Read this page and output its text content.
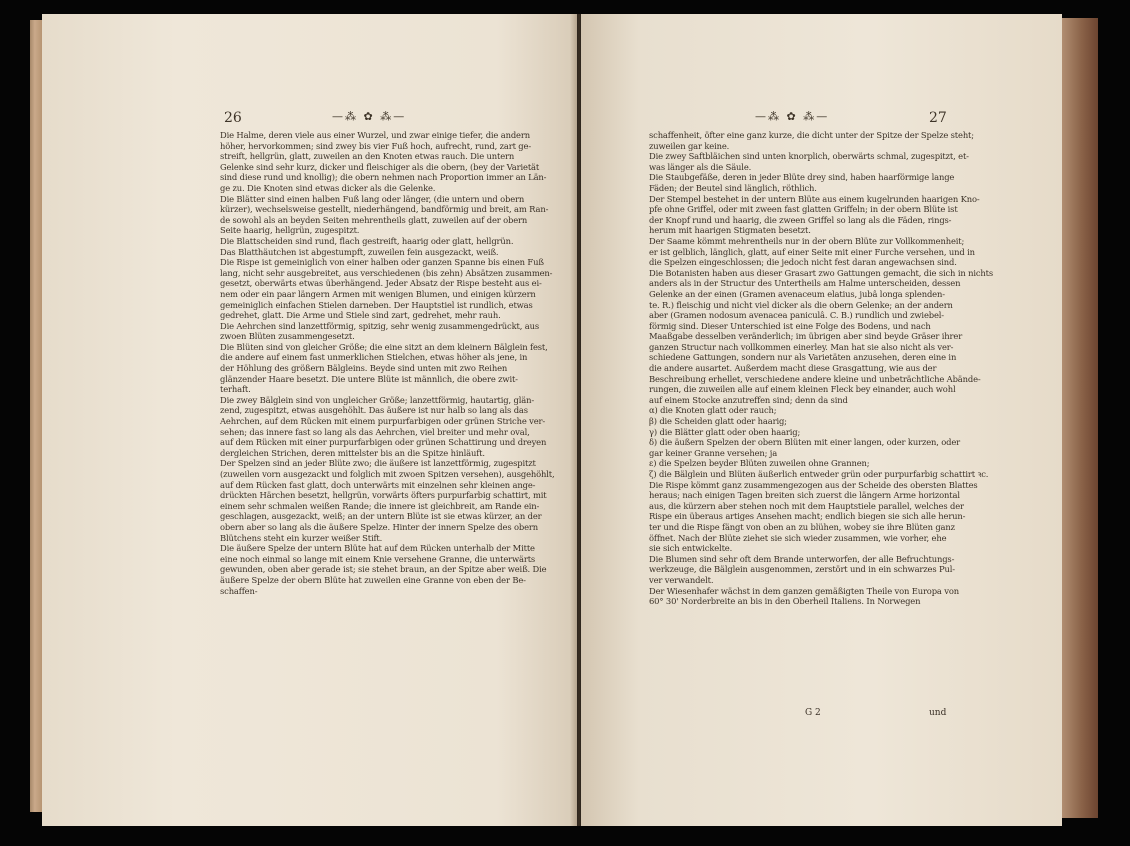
26	—⁂ ✿ ⁂—
Die Halme, deren viele aus einer Wurzel, und zwar einige tiefer, die andern
höher, hervorkommen; sind zwey bis vier Fuß hoch, aufrecht, rund, zart ge-
streift, hellgrün, glatt, zuweilen an den Knoten etwas rauch. Die untern
Gelenke sind sehr kurz, dicker und fleischiger als die obern, (bey der Varietät
sind diese rund und knollig); die obern nehmen nach Proportion immer an Län-
ge zu. Die Knoten sind etwas dicker als die Gelenke.
Die Blätter sind einen halben Fuß lang oder länger, (die untern und obern
kürzer), wechselsweise gestellt, niederhängend, bandförmig und breit, am Ran-
de sowohl als an beyden Seiten mehrentheils glatt, zuweilen auf der obern
Seite haarig, hellgrün, zugespitzt.
Die Blattscheiden sind rund, flach gestreift, haarig oder glatt, hellgrün.
Das Blatthäutchen ist abgestumpft, zuweilen fein ausgezackt, weiß.
Die Rispe ist gemeiniglich von einer halben oder ganzen Spanne bis einen Fuß
lang, nicht sehr ausgebreitet, aus verschiedenen (bis zehn) Absätzen zusammen-
gesetzt, oberwärts etwas überhängend. Jeder Absatz der Rispe besteht aus ei-
nem oder ein paar längern Armen mit wenigen Blumen, und einigen kürzern
gemeiniglich einfachen Stielen darneben. Der Hauptstiel ist rundlich, etwas
gedrehet, glatt. Die Arme und Stiele sind zart, gedrehet, mehr rauh.
Die Aehrchen sind lanzettförmig, spitzig, sehr wenig zusammengedrückt, aus
zwoen Blüten zusammengesetzt.
Die Blüten sind von gleicher Größe; die eine sitzt an dem kleinern Bälglein fest,
die andere auf einem fast unmerklichen Stielchen, etwas höher als jene, in
der Höhlung des größern Bälgleins. Beyde sind unten mit zwo Reihen
glänzender Haare besetzt. Die untere Blüte ist männlich, die obere zwit-
terhaft.
Die zwey Bälglein sind von ungleicher Größe; lanzettförmig, hautartig, glän-
zend, zugespitzt, etwas ausgehöhlt. Das äußere ist nur halb so lang als das
Aehrchen, auf dem Rücken mit einem purpurfarbigen oder grünen Striche ver-
sehen; das innere fast so lang als das Aehrchen, viel breiter und mehr oval,
auf dem Rücken mit einer purpurfarbigen oder grünen Schattirung und dreyen
dergleichen Strichen, deren mittelster bis an die Spitze hinläuft.
Der Spelzen sind an jeder Blüte zwo; die äußere ist lanzettförmig, zugespitzt
(zuweilen vorn ausgezackt und folglich mit zwoen Spitzen versehen), ausgehöhlt,
auf dem Rücken fast glatt, doch unterwärts mit einzelnen sehr kleinen ange-
drückten Härchen besetzt, hellgrün, vorwärts öfters purpurfarbig schattirt, mit
einem sehr schmalen weißen Rande; die innere ist gleichbreit, am Rande ein-
geschlagen, ausgezackt, weiß; an der untern Blüte ist sie etwas kürzer, an der
obern aber so lang als die äußere Spelze. Hinter der innern Spelze des obern
Blütchens steht ein kurzer weißer Stift.
Die äußere Spelze der untern Blüte hat auf dem Rücken unterhalb der Mitte
eine noch einmal so lange mit einem Knie versehene Granne, die unterwärts
gewunden, oben aber gerade ist; sie stehet braun, an der Spitze aber weiß. Die
äußere Spelze der obern Blüte hat zuweilen eine Granne von eben der Be-
schaffen-
—⁂ ✿ ⁂—	27
schaffenheit, öfter eine ganz kurze, die dicht unter der Spitze der Spelze steht;
zuweilen gar keine.
Die zwey Saftbläichen sind unten knorplich, oberwärts schmal, zugespitzt, et-
was länger als die Säule.
Die Staubgefäße, deren in jeder Blüte drey sind, haben haarförmige lange
Fäden; der Beutel sind länglich, röthlich.
Der Stempel bestehet in der untern Blüte aus einem kugelrunden haarigen Kno-
pfe ohne Griffel, oder mit zween fast glatten Griffeln; in der obern Blüte ist
der Knopf rund und haarig, die zween Griffel so lang als die Fäden, rings-
herum mit haarigen Stigmaten besetzt.
Der Saame kömmt mehrentheils nur in der obern Blüte zur Vollkommenheit;
er ist gelblich, länglich, glatt, auf einer Seite mit einer Furche versehen, und in
die Spelzen eingeschlossen; die jedoch nicht fest daran angewachsen sind.
Die Botanisten haben aus dieser Grasart zwo Gattungen gemacht, die sich in nichts
anders als in der Structur des Untertheils am Halme unterscheiden, dessen
Gelenke an der einen (Gramen avenaceum elatius, jubâ longa splenden-
te. R.) fleischig und nicht viel dicker als die obern Gelenke; an der andern
aber (Gramen nodosum avenacea paniculâ. C. B.) rundlich und zwiebel-
förmig sind. Dieser Unterschied ist eine Folge des Bodens, und nach
Maaßgabe desselben veränderlich; im übrigen aber sind beyde Gräser ihrer
ganzen Structur nach vollkommen einerley. Man hat sie also nicht als ver-
schiedene Gattungen, sondern nur als Varietäten anzusehen, deren eine in
die andere ausartet. Außerdem macht diese Grasgattung, wie aus der
Beschreibung erhellet, verschiedene andere kleine und unbeträchtliche Abände-
rungen, die zuweilen alle auf einem kleinen Fleck bey einander, auch wohl
auf einem Stocke anzutreffen sind; denn da sind
α) die Knoten glatt oder rauch;
β) die Scheiden glatt oder haarig;
γ) die Blätter glatt oder oben haarig;
δ) die äußern Spelzen der obern Blüten mit einer langen, oder kurzen, oder
gar keiner Granne versehen; ja
ε) die Spelzen beyder Blüten zuweilen ohne Grannen;
ζ) die Bälglein und Blüten äußerlich entweder grün oder purpurfarbig schattirt ꝛc.
Die Rispe kömmt ganz zusammengezogen aus der Scheide des obersten Blattes
heraus; nach einigen Tagen breiten sich zuerst die längern Arme horizontal
aus, die kürzern aber stehen noch mit dem Hauptstiele parallel, welches der
Rispe ein überaus artiges Ansehen macht; endlich biegen sie sich alle herun-
ter und die Rispe fängt von oben an zu blühen, wobey sie ihre Blüten ganz
öffnet. Nach der Blüte ziehet sie sich wieder zusammen, wie vorher, ehe
sie sich entwickelte.
Die Blumen sind sehr oft dem Brande unterworfen, der alle Befruchtungs-
werkzeuge, die Bälglein ausgenommen, zerstört und in ein schwarzes Pul-
ver verwandelt.
Der Wiesenhafer wächst in dem ganzen gemäßigten Theile von Europa von
60° 30' Norderbreite an bis in den Oberheil Italiens. In Norwegen
G 2	und
